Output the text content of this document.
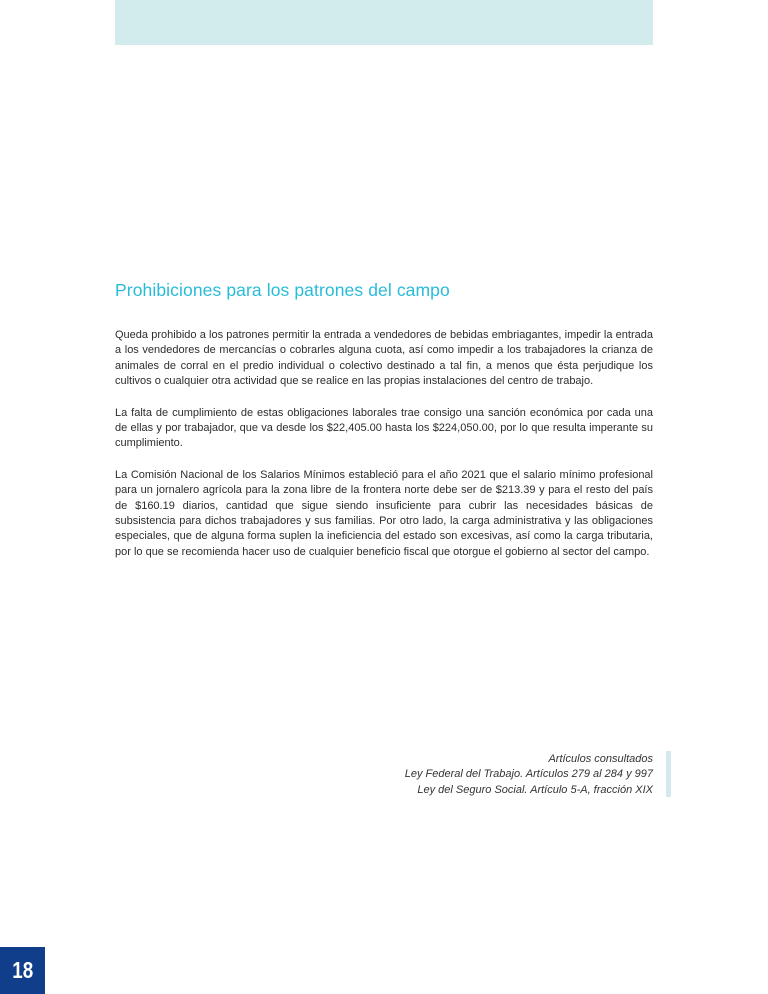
Prohibiciones para los patrones del campo

Queda prohibido a los patrones permitir la entrada a vendedores de bebidas embriagantes, impedir la entrada a los vendedores de mercancías o cobrarles alguna cuota, así como impedir a los trabajadores la crianza de animales de corral en el predio individual o colectivo destinado a tal fin, a menos que ésta perjudique los cultivos o cualquier otra actividad que se realice en las propias instalaciones del centro de trabajo.

La falta de cumplimiento de estas obligaciones laborales trae consigo una sanción económica por cada una de ellas y por trabajador, que va desde los $22,405.00 hasta los $224,050.00, por lo que resulta imperante su cumplimiento.

La Comisión Nacional de los Salarios Mínimos estableció para el año 2021 que el salario mínimo profesional para un jornalero agrícola para la zona libre de la frontera norte debe ser de $213.39 y para el resto del país de $160.19 diarios, cantidad que sigue siendo insuficiente para cubrir las necesidades básicas de subsistencia para dichos trabajadores y sus familias. Por otro lado, la carga administrativa y las obligaciones especiales, que de alguna forma suplen la ineficiencia del estado son excesivas, así como la carga tributaria, por lo que se recomienda hacer uso de cualquier beneficio fiscal que otorgue el gobierno al sector del campo.

Artículos consultados
Ley Federal del Trabajo. Artículos 279 al 284 y 997
Ley del Seguro Social. Artículo 5-A, fracción XIX
18
